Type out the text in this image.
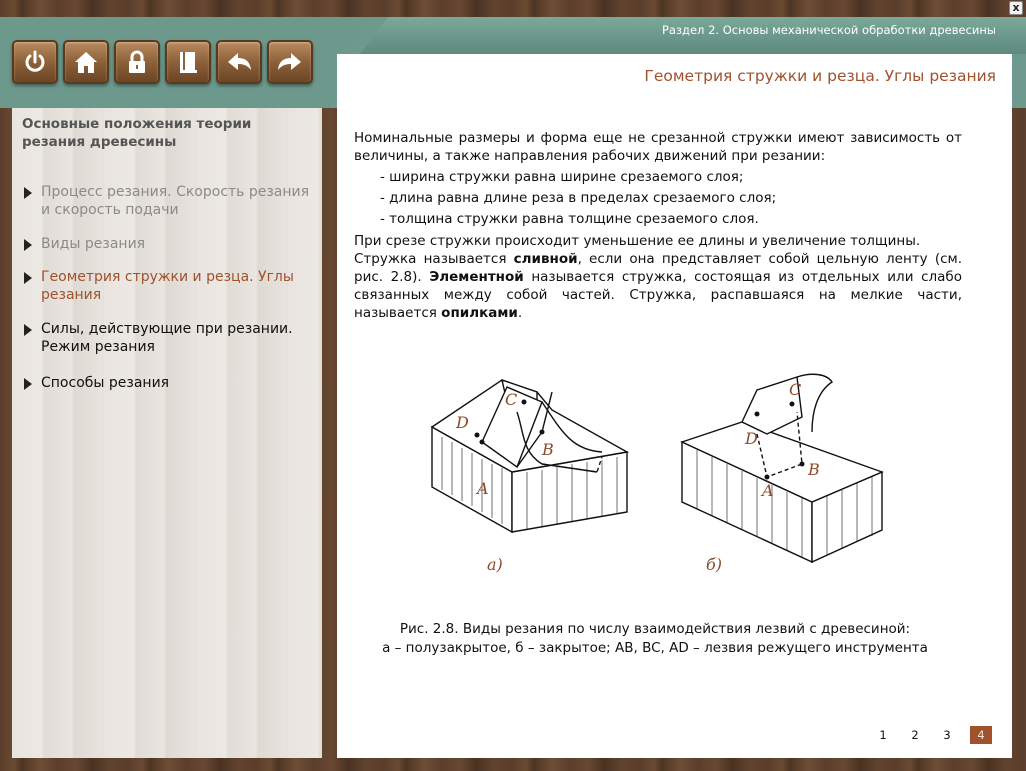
x
Раздел 2. Основы механической обработки древесины
Основные положения теории резания древесины
Процесс резания. Скорость резания и скорость подачи
Виды резания
Геометрия стружки и резца. Углы резания
Силы, действующие при резании. Режим резания
Способы резания
Геометрия стружки и резца. Углы резания

Номинальные размеры и форма еще не срезанной стружки имеют зависимость от величины, а также направления рабочих движений при резании:

- ширина стружки равна ширине срезаемого слоя;

- длина равна длине реза в пределах срезаемого слоя;

- толщина стружки равна толщине срезаемого слоя.

При срезе стружки происходит уменьшение ее длины и увеличение толщины.

Стружка называется сливной, если она представляет собой цельную ленту (см. рис. 2.8). Элементной называется стружка, состоящая из отдельных или слабо связанных между собой частей. Стружка, распавшаяся на мелкие части, называется опилками.

A
B
C
D
а)
A
B
C
D
б)
Рис. 2.8. Виды резания по числу взаимодействия лезвий с древесиной:
а – полузакрытое, б – закрытое; AB, BC, AD – лезвия режущего инструмента
1	2	3	4
